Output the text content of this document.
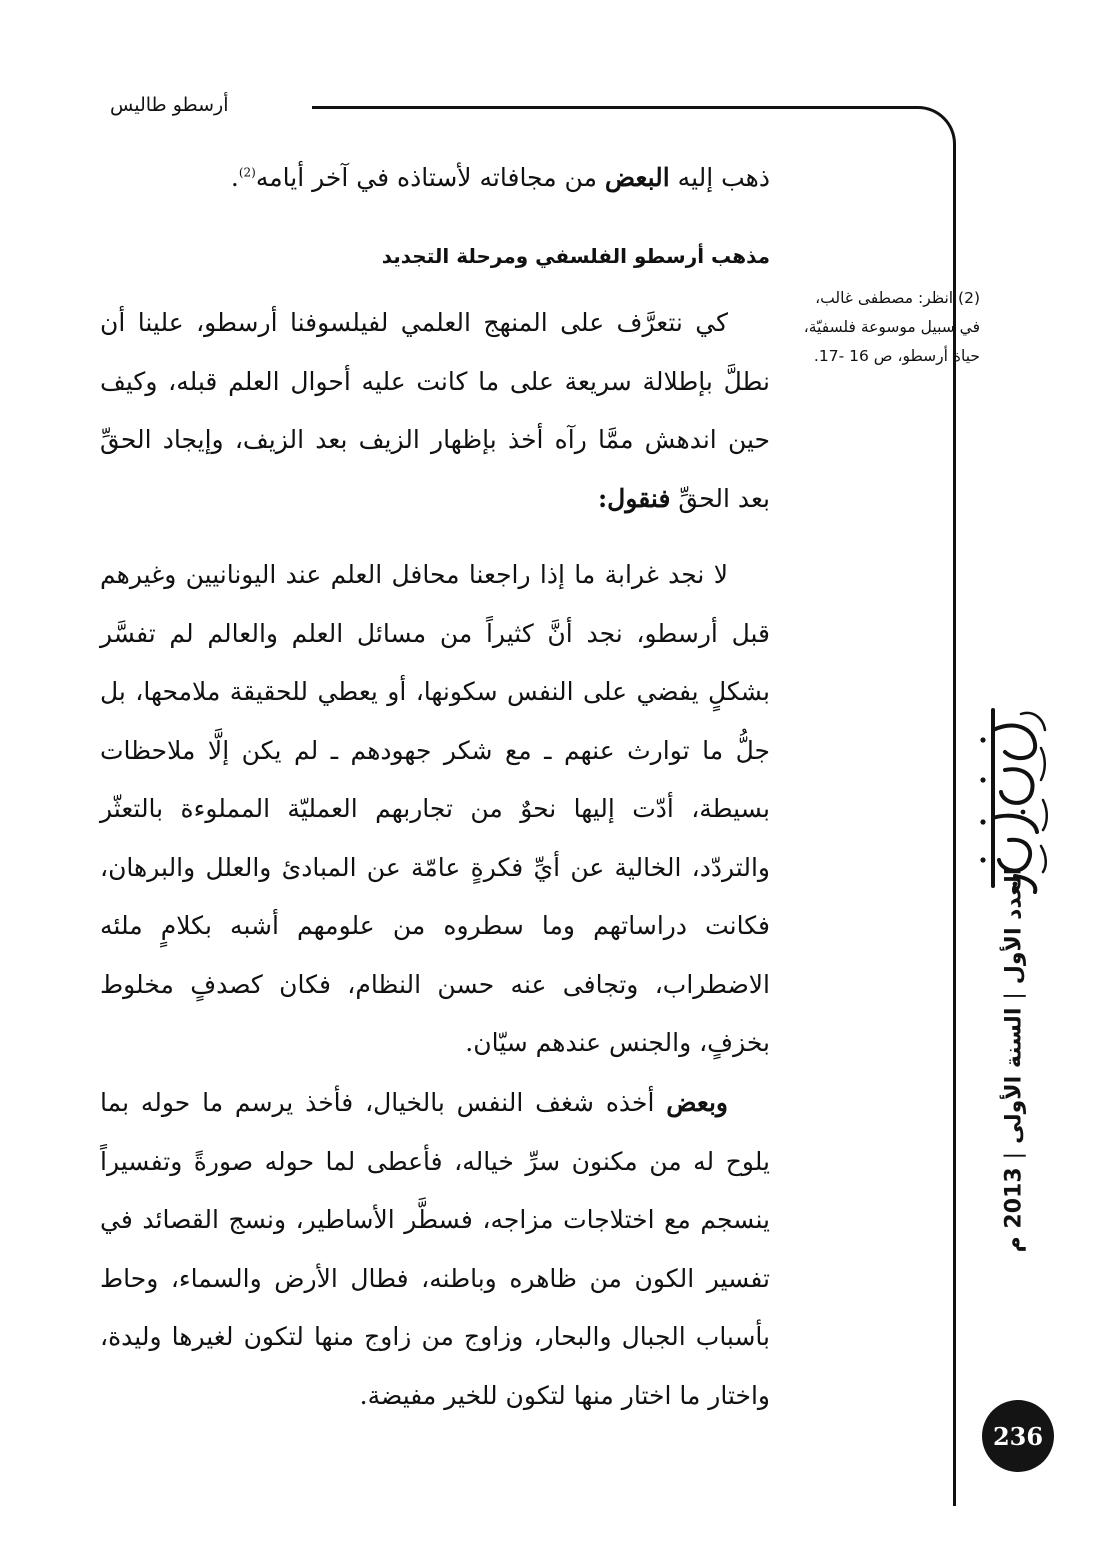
أرسطو طاليس
ذهب إليه البعض من مجافاته لأستاذه في آخر أيامه$^{(2)}$.
مذهب أرسطو الفلسفي ومرحلة التجديد
كي نتعرَّف على المنهج العلمي لفيلسوفنا أرسطو، علينا أن نطلَّ بإطلالة سريعة على ما كانت عليه أحوال العلم قبله، وكيف حين اندهش ممَّا رآه أخذ بإظهار الزيف بعد الزيف، وإيجاد الحقِّ بعد الحقِّ فنقول:

لا نجد غرابة ما إذا راجعنا محافل العلم عند اليونانيين وغيرهم قبل أرسطو، نجد أنَّ كثيراً من مسائل العلم والعالم لم تفسَّر بشكلٍ يفضي على النفس سكونها، أو يعطي للحقيقة ملامحها، بل جلُّ ما توارث عنهم ـ مع شكر جهودهم ـ لم يكن إلَّا ملاحظات بسيطة، أدّت إليها نحوٌ من تجاربهم العمليّة المملوءة بالتعثّر والتردّد، الخالية عن أيِّ فكرةٍ عامّة عن المبادئ والعلل والبرهان، فكانت دراساتهم وما سطروه من علومهم أشبه بكلامٍ ملئه الاضطراب، وتجافى عنه حسن النظام، فكان كصدفٍ مخلوط بخزفٍ، والجنس عندهم سيّان.

وبعض أخذه شغف النفس بالخيال، فأخذ يرسم ما حوله بما يلوح له من مكنون سرِّ خياله، فأعطى لما حوله صورةً وتفسيراً ينسجم مع اختلاجات مزاجه، فسطَّر الأساطير، ونسج القصائد في تفسير الكون من ظاهره وباطنه، فطال الأرض والسماء، وحاط بأسباب الجبال والبحار، وزاوج من زاوج منها لتكون لغيرها وليدة، واختار ما اختار منها لتكون للخير مفيضة.
(2) انظر: مصطفى غالب، في سبيل موسوعة فلسفيّة، حياة أرسطو، ص 16 -17.
العدد الأول|السنة الأولى|2013 م
236
